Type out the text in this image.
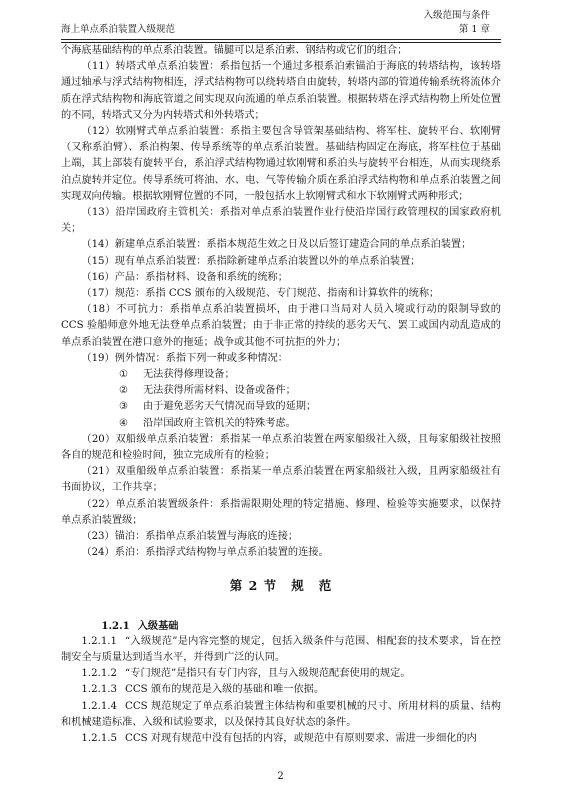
入级范围与条件
第 1 章
海上单点系泊装置入级规范

个海底基础结构的单点系泊装置。锚腿可以是系泊索、钢结构或它们的组合；

（11）转塔式单点系泊装置：系指包括一个通过多根系泊索锚泊于海底的转塔结构，该转塔通过轴承与浮式结构物相连，浮式结构物可以绕转塔自由旋转，转塔内部的管道传输系统将流体介质在浮式结构物和海底管道之间实现双向流通的单点系泊装置。根据转塔在浮式结构物上所处位置的不同，转塔式又分为内转塔式和外转塔式；

（12）软刚臂式单点系泊装置：系指主要包含导管架基础结构、将军柱、旋转平台、软刚臂（又称系泊臂）、系泊构架、传导系统等的单点系泊装置。基础结构固定在海底，将军柱位于基础上端，其上部装有旋转平台，系泊浮式结构物通过软刚臂和系泊头与旋转平台相连，从而实现绕系泊点旋转并定位。传导系统可将油、水、电、气等传输介质在系泊浮式结构物和单点系泊装置之间实现双向传输。根据软刚臂位置的不同，一般包括水上软刚臂式和水下软刚臂式两种形式；

（13）沿岸国政府主管机关：系指对单点系泊装置作业行使沿岸国行政管理权的国家政府机关；

（14）新建单点系泊装置：系指本规范生效之日及以后签订建造合同的单点系泊装置；

（15）现有单点系泊装置：系指除新建单点系泊装置以外的单点系泊装置；

（16）产品：系指材料、设备和系统的统称；

（17）规范：系指 CCS 颁布的入级规范、专门规范、指南和计算软件的统称；

（18）不可抗力：系指单点系泊装置损坏，由于港口当局对人员入境或行动的限制导致的 CCS 验船师意外地无法登单点系泊装置；由于非正常的持续的恶劣天气、罢工或国内动乱造成的单点系泊装置在港口意外的拖延；战争或其他不可抗拒的外力；

（19）例外情况：系指下列一种或多种情况：

① 无法获得修理设备；

② 无法获得所需材料、设备或备件；

③ 由于避免恶劣天气情况而导致的延期；

④ 沿岸国政府主管机关的特殊考虑。

（20）双船级单点系泊装置：系指某一单点系泊装置在两家船级社入级，且每家船级社按照各自的规范和检验时间，独立完成所有的检验；

（21）双重船级单点系泊装置：系指某一单点系泊装置在两家船级社入级，且两家船级社有书面协议，工作共享；

（22）单点系泊装置级条件：系指需限期处理的特定措施、修理、检验等实施要求，以保持单点系泊装置级；

（23）锚泊：系指单点系泊装置与海底的连接；

（24）系泊：系指浮式结构物与单点系泊装置的连接。

第 2 节 规 范

1.2.1 入级基础

1.2.1.1 “入级规范”是内容完整的规定，包括入级条件与范围、相配套的技术要求，旨在控制安全与质量达到适当水平，并得到广泛的认同。

1.2.1.2 “专门规范”是指只有专门内容，且与入级规范配套使用的规定。

1.2.1.3 CCS 颁布的规范是入级的基础和唯一依据。

1.2.1.4 CCS 规范规定了单点系泊装置主体结构和重要机械的尺寸、所用材料的质量、结构和机械建造标准、入级和试验要求，以及保持其良好状态的条件。

1.2.1.5 CCS 对现有规范中没有包括的内容，或规范中有原则要求、需进一步细化的内

2
